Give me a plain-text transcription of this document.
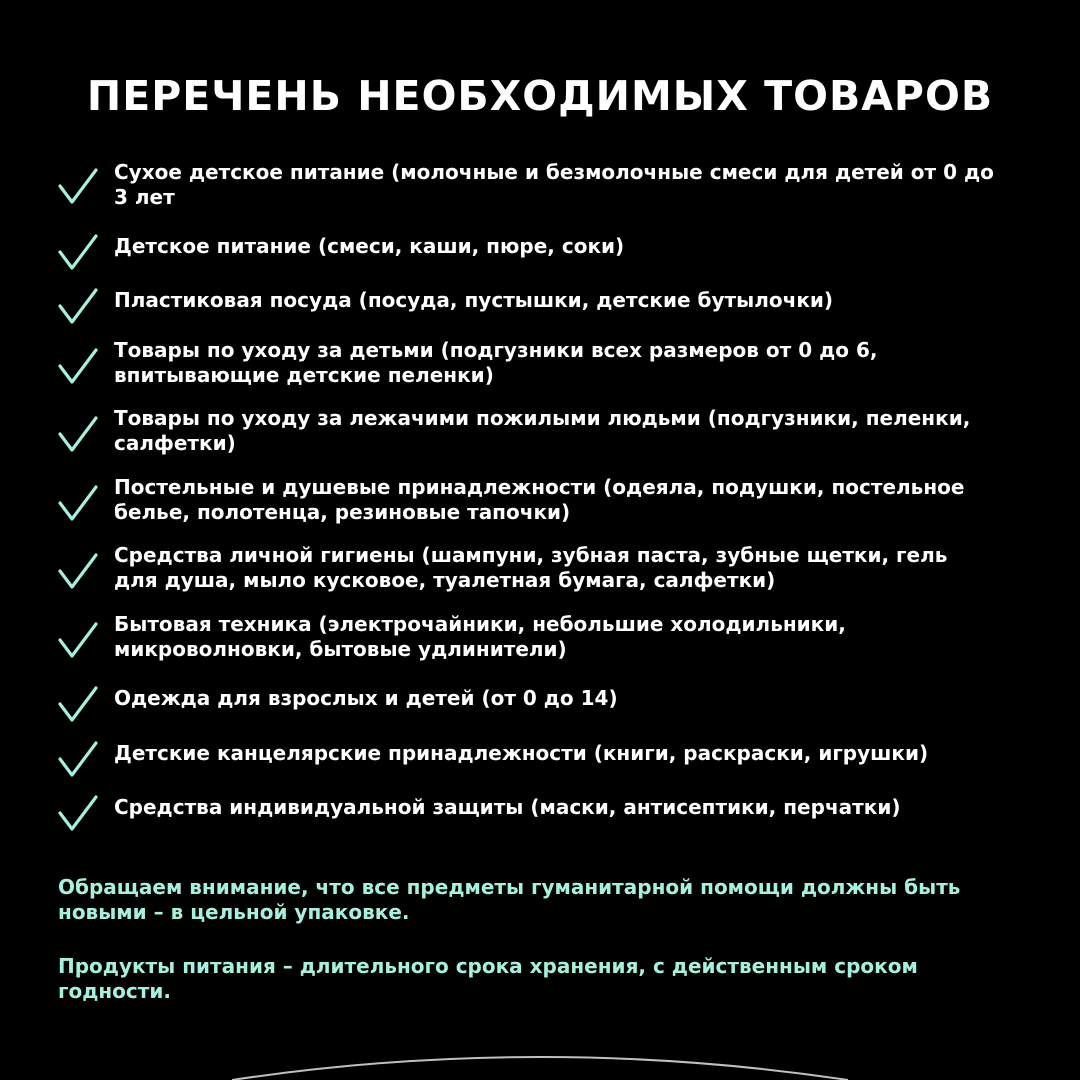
ПЕРЕЧЕНЬ НЕОБХОДИМЫХ ТОВАРОВ
Сухое детское питание (молочные и безмолочные смеси для детей от 0 до 3 лет
Детское питание (смеси, каши, пюре, соки)
Пластиковая посуда (посуда, пустышки, детские бутылочки)
Товары по уходу за детьми (подгузники всех размеров от 0 до 6, впитывающие детские пеленки)
Товары по уходу за лежачими пожилыми людьми (подгузники, пеленки, салфетки)
Постельные и душевые принадлежности (одеяла, подушки, постельное белье, полотенца, резиновые тапочки)
Средства личной гигиены (шампуни, зубная паста, зубные щетки, гель для душа, мыло кусковое, туалетная бумага, салфетки)
Бытовая техника (электрочайники, небольшие холодильники, микроволновки, бытовые удлинители)
Одежда для взрослых и детей (от 0 до 14)
Детские канцелярские принадлежности (книги, раскраски, игрушки)
Средства индивидуальной защиты (маски, антисептики, перчатки)
Обращаем внимание, что все предметы гуманитарной помощи должны быть новыми – в цельной упаковке.
Продукты питания – длительного срока хранения, с действенным сроком годности.
